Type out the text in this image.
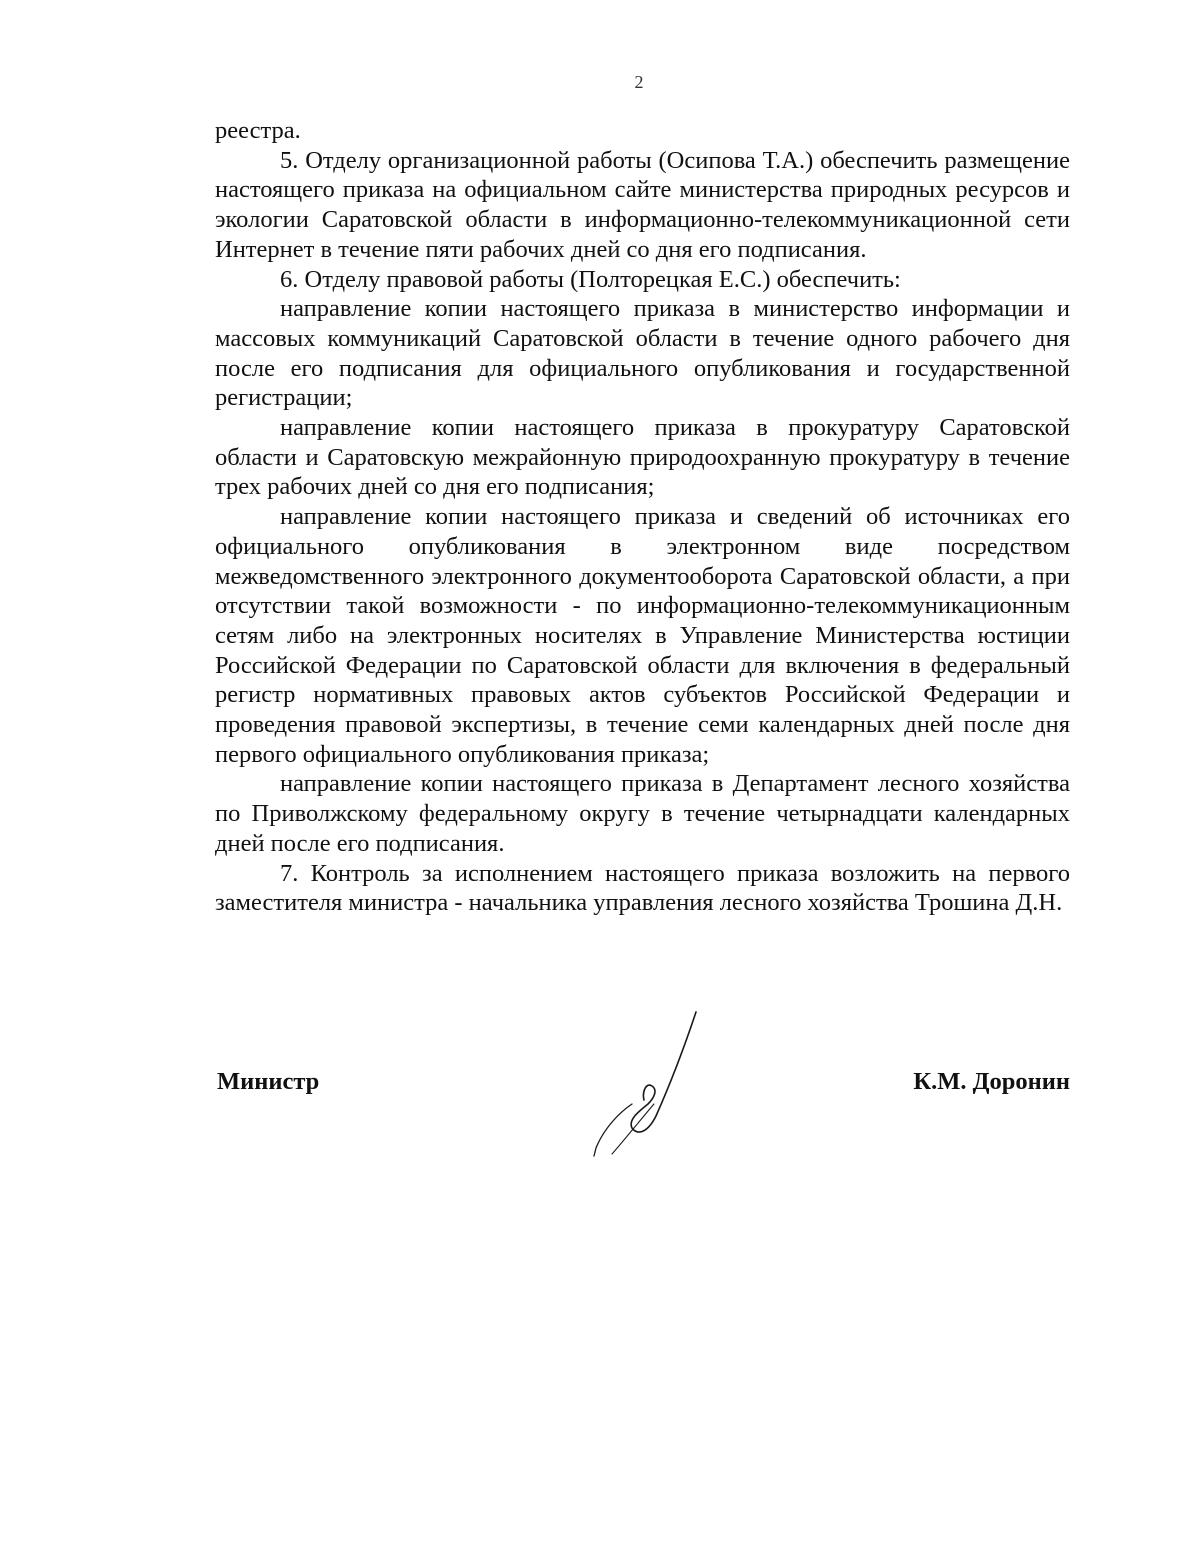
2

реестра.

5. Отделу организационной работы (Осипова Т.А.) обеспечить размещение настоящего приказа на официальном сайте министерства природных ресурсов и экологии Саратовской области в информационно-телекоммуникационной сети Интернет в течение пяти рабочих дней со дня его подписания.

6. Отделу правовой работы (Полторецкая Е.С.) обеспечить:

направление копии настоящего приказа в министерство информации и массовых коммуникаций Саратовской области в течение одного рабочего дня после его подписания для официального опубликования и государственной регистрации;

направление копии настоящего приказа в прокуратуру Саратовской области и Саратовскую межрайонную природоохранную прокуратуру в течение трех рабочих дней со дня его подписания;

направление копии настоящего приказа и сведений об источниках его официального опубликования в электронном виде посредством межведомственного электронного документооборота Саратовской области, а при отсутствии такой возможности - по информационно-телекоммуникационным сетям либо на электронных носителях в Управление Министерства юстиции Российской Федерации по Саратовской области для включения в федеральный регистр нормативных правовых актов субъектов Российской Федерации и проведения правовой экспертизы, в течение семи календарных дней после дня первого официального опубликования приказа;

направление копии настоящего приказа в Департамент лесного хозяйства по Приволжскому федеральному округу в течение четырнадцати календарных дней после его подписания.

7. Контроль за исполнением настоящего приказа возложить на первого заместителя министра - начальника управления лесного хозяйства Трошина Д.Н.

Министр	К.М. Доронин
